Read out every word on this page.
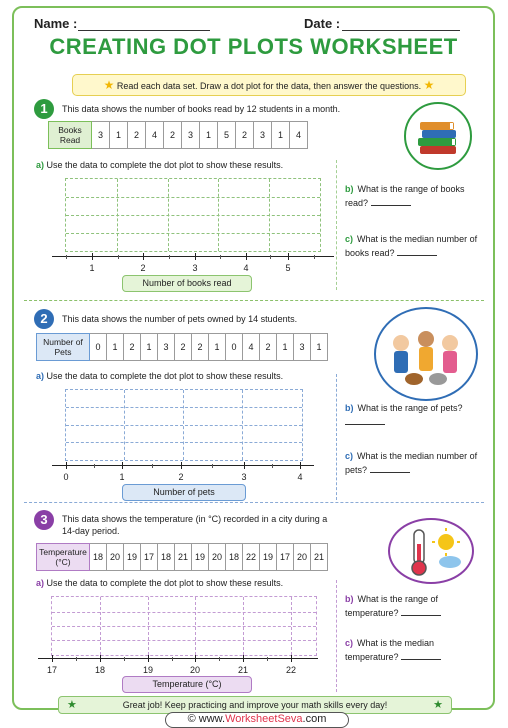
Name :	Date :
CREATING DOT PLOTS WORKSHEET
★ Read each data set. Draw a dot plot for the data, then answer the questions. ★
1	This data shows the number of books read by 12 students in a month.
Books Read	3	1	2	4	2	3	1	5	2	3	1	4
a) Use the data to complete the dot plot to show these results.
1	2	3	4	5
Number of books read
b) What is the range of books read?
c) What is the median number of books read?
2	This data shows the number of pets owned by 14 students.
Number of Pets	0	1	2	1	3	2	2	1	0	4	2	1	3	1
a) Use the data to complete the dot plot to show these results.
0	1	2	3	4
Number of pets
b) What is the range of pets?
c) What is the median number of pets?
3	This data shows the temperature (in °C) recorded in a city during a 14-day period.
Temperature (°C)	18	20	19	17	18	21	19	20	18	22	19	17	20	21
a) Use the data to complete the dot plot to show these results.
17	18	19	20	21	22
Temperature (°C)
b) What is the range of temperature?
c) What is the median temperature?
★	Great job! Keep practicing and improve your math skills every day!	★
© www.WorksheetSeva.com
